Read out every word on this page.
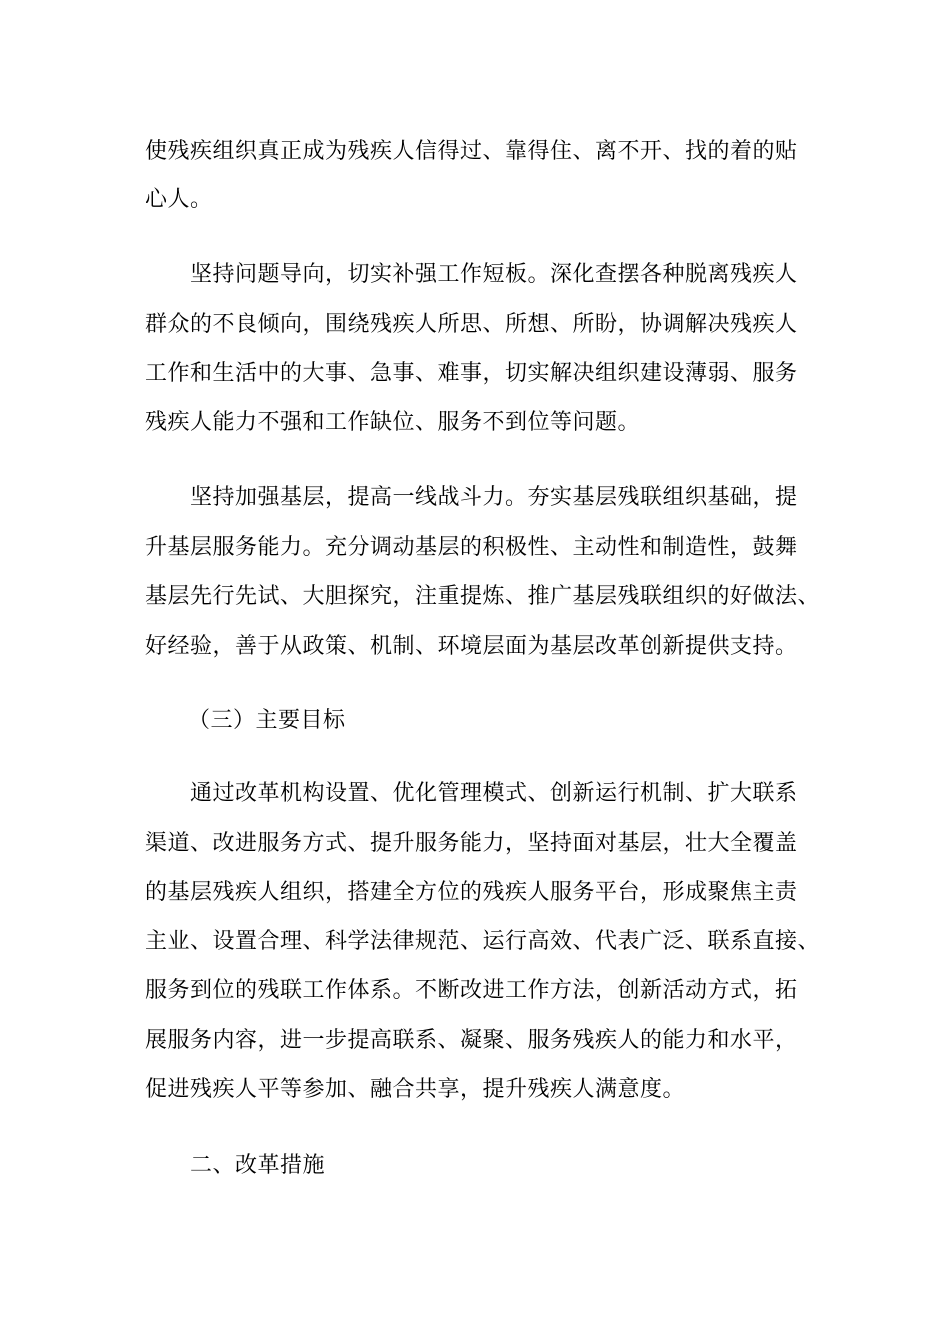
使残疾组织真正成为残疾人信得过、靠得住、离不开、找的着的贴
心人。
坚持问题导向，切实补强工作短板。深化查摆各种脱离残疾人
群众的不良倾向，围绕残疾人所思、所想、所盼，协调解决残疾人
工作和生活中的大事、急事、难事，切实解决组织建设薄弱、服务
残疾人能力不强和工作缺位、服务不到位等问题。
坚持加强基层，提高一线战斗力。夯实基层残联组织基础，提
升基层服务能力。充分调动基层的积极性、主动性和制造性，鼓舞
基层先行先试、大胆探究，注重提炼、推广基层残联组织的好做法、
好经验，善于从政策、机制、环境层面为基层改革创新提供支持。
（三）主要目标
通过改革机构设置、优化管理模式、创新运行机制、扩大联系
渠道、改进服务方式、提升服务能力，坚持面对基层，壮大全覆盖
的基层残疾人组织，搭建全方位的残疾人服务平台，形成聚焦主责
主业、设置合理、科学法律规范、运行高效、代表广泛、联系直接、
服务到位的残联工作体系。不断改进工作方法，创新活动方式，拓
展服务内容，进一步提高联系、凝聚、服务残疾人的能力和水平，
促进残疾人平等参加、融合共享，提升残疾人满意度。
二、改革措施
